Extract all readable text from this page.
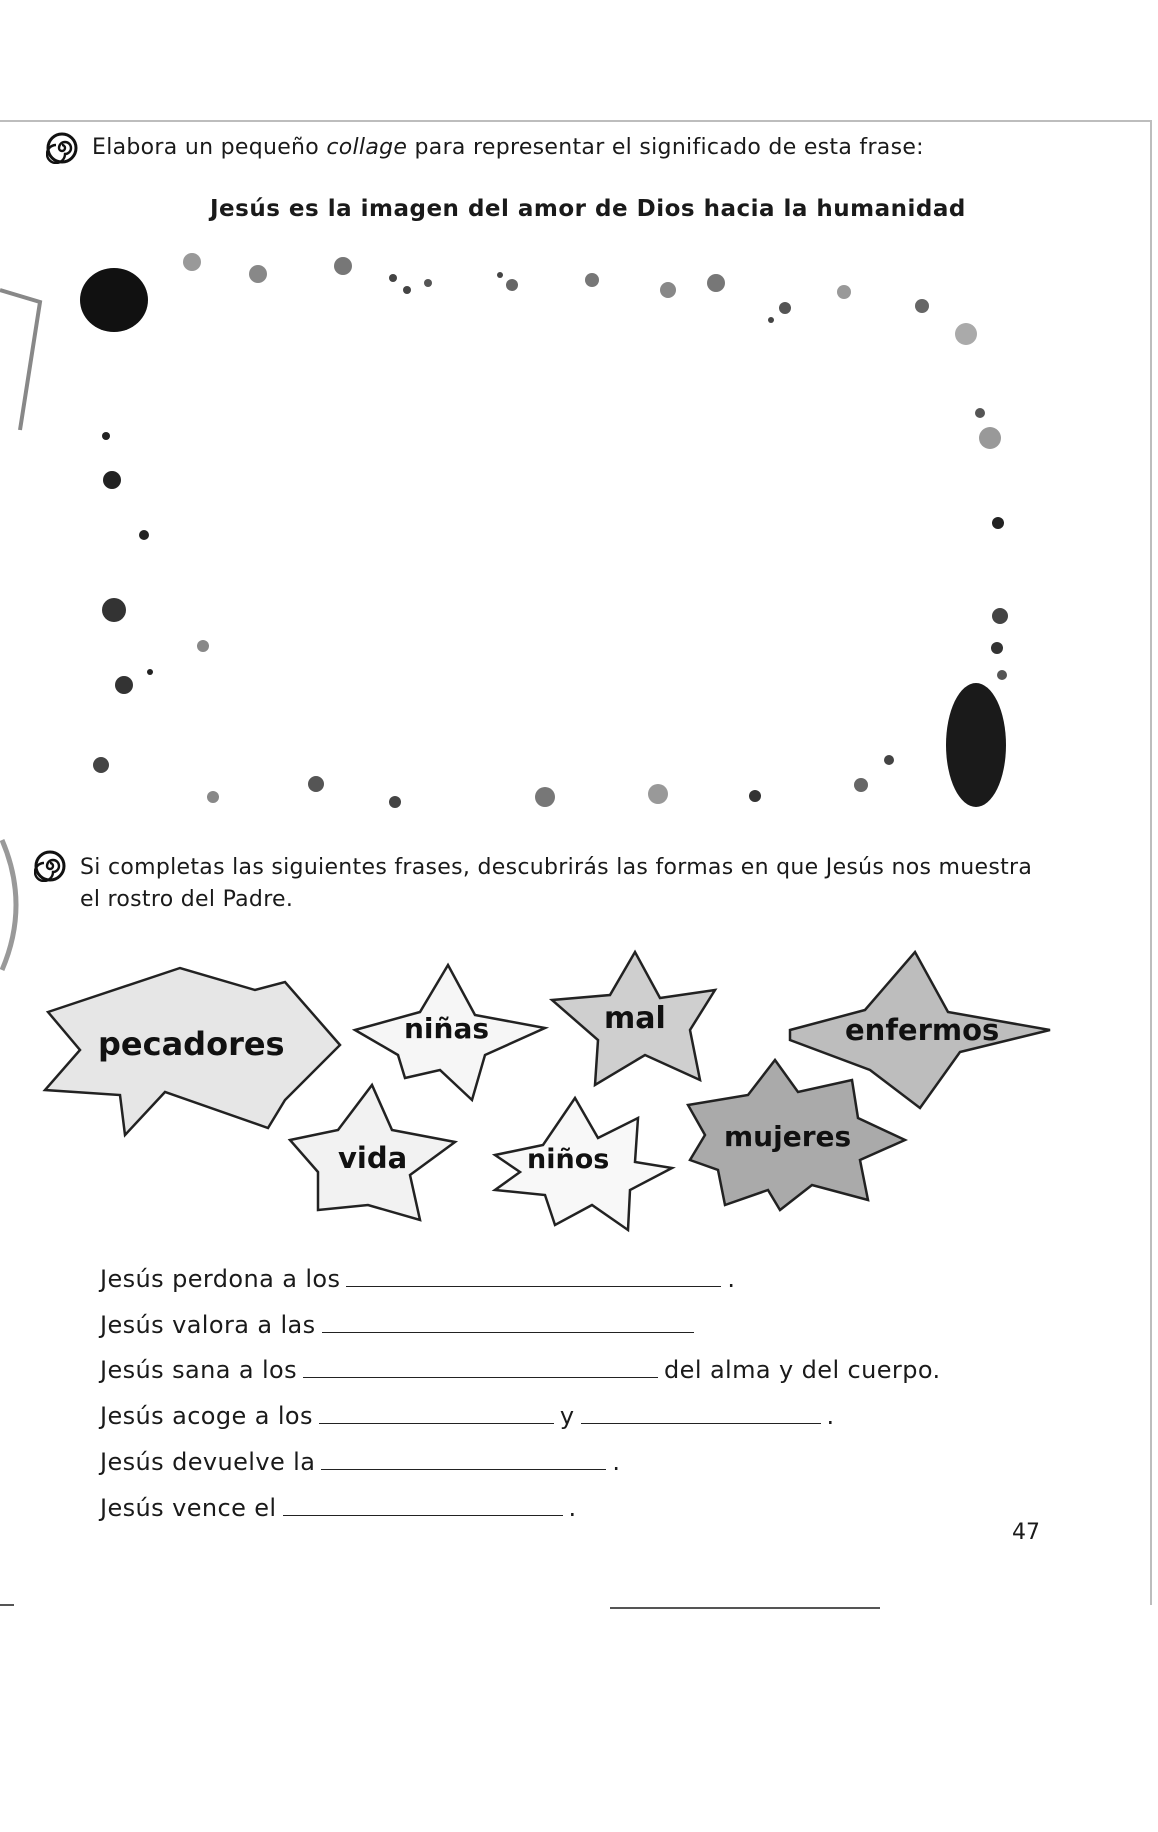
Elabora un pequeño collage para representar el significado de esta frase:
Jesús es la imagen del amor de Dios hacia la humanidad
Si completas las siguientes frases, descubrirás las formas en que Jesús nos muestra
el rostro del Padre.
pecadores	niñas	mal	enfermos
vida	niños
mujeres
Jesús perdona a los	.
Jesús valora a las
Jesús sana a los	del alma y del cuerpo.
Jesús acoge a los	y	.
Jesús devuelve la	.
Jesús vence el	.
47
